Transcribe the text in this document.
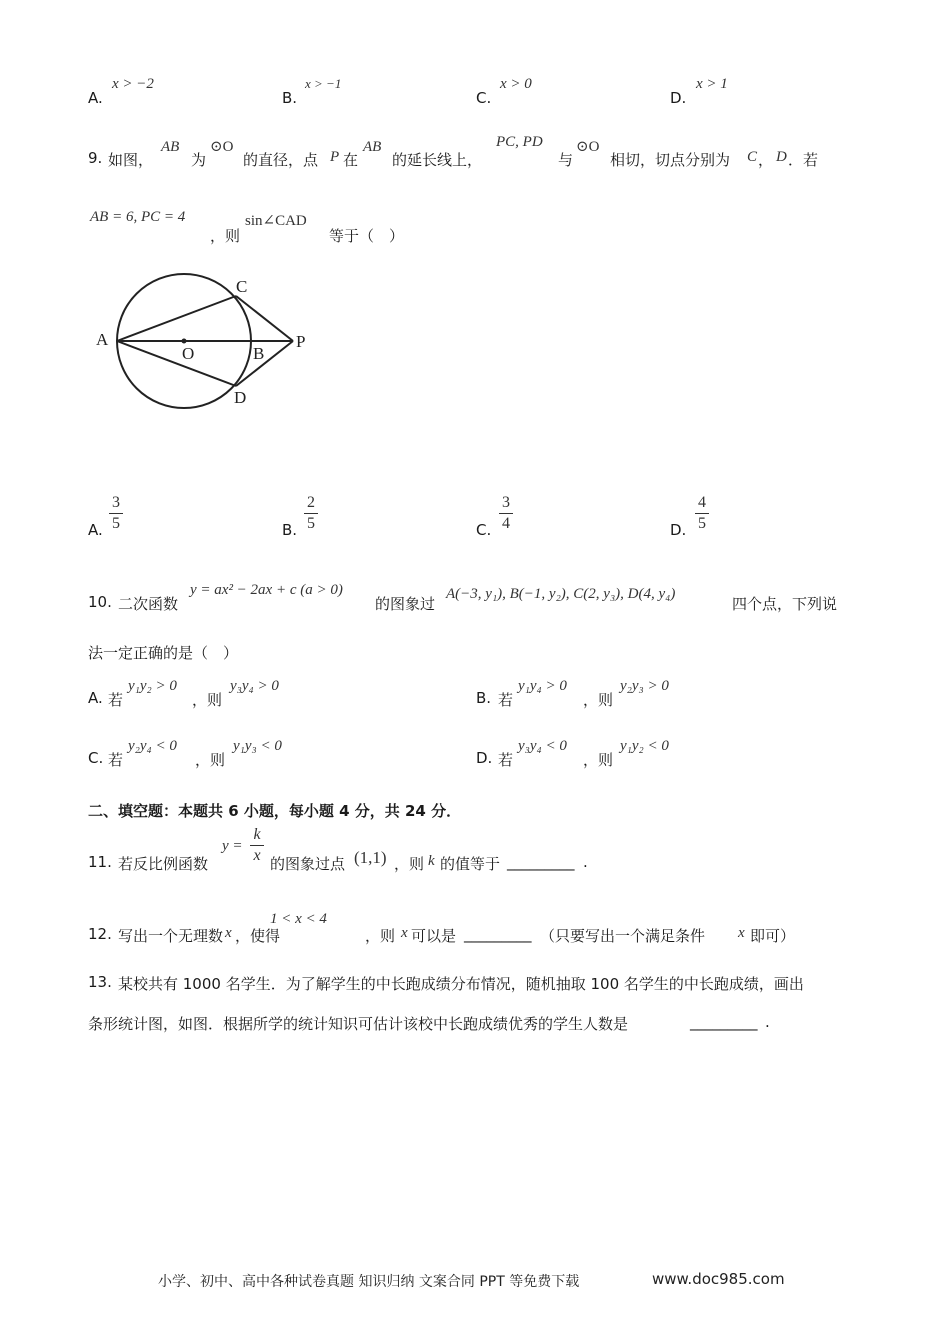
A.
x > −2
B.
x > −1
C.
x > 0
D.
x > 1
9. 如图，
AB
为
⊙O
的直径，点 P 在
AB
的延长线上，
PC, PD
与
⊙O
相切，切点分别为 C ， D ．若
AB = 6, PC = 4
，则
sin∠CAD
等于（　）
A
O	B
P
C
D
A.
3
5	B.
2
5	C.
3
4	D.
4
5
10. 二次函数
y = ax² − 2ax + c (a > 0)
的图象过
A(−3, y₁), B(−1, y₂), C(2, y₃), D(4, y₄)
四个点，下列说
法一定正确的是（　）
A. 若
y₁y₂ > 0
，则
y₃y₄ > 0
B. 若
y₁y₄ > 0
，则
y₂y₃ > 0
C. 若
y₂y₄ < 0
，则
y₁y₃ < 0
D. 若
y₃y₄ < 0
，则
y₁y₂ < 0
二、填空题：本题共 6 小题，每小题 4 分，共 24 分．
11. 若反比例函数
y =
k
x 的图象过点 (1,1) ，则 k 的值等于 _________ .
12. 写出一个无理数 x ，使得
1 < x < 4
，则 x 可以是 _________ （只要写出一个满足条件 x 即可）
13. 某校共有 1000 名学生．为了解学生的中长跑成绩分布情况，随机抽取 100 名学生的中长跑成绩，画出
条形统计图，如图．根据所学的统计知识可估计该校中长跑成绩优秀的学生人数是	_________ .
小学、初中、高中各种试卷真题 知识归纳 文案合同 PPT 等免费下载	www.doc985.com
